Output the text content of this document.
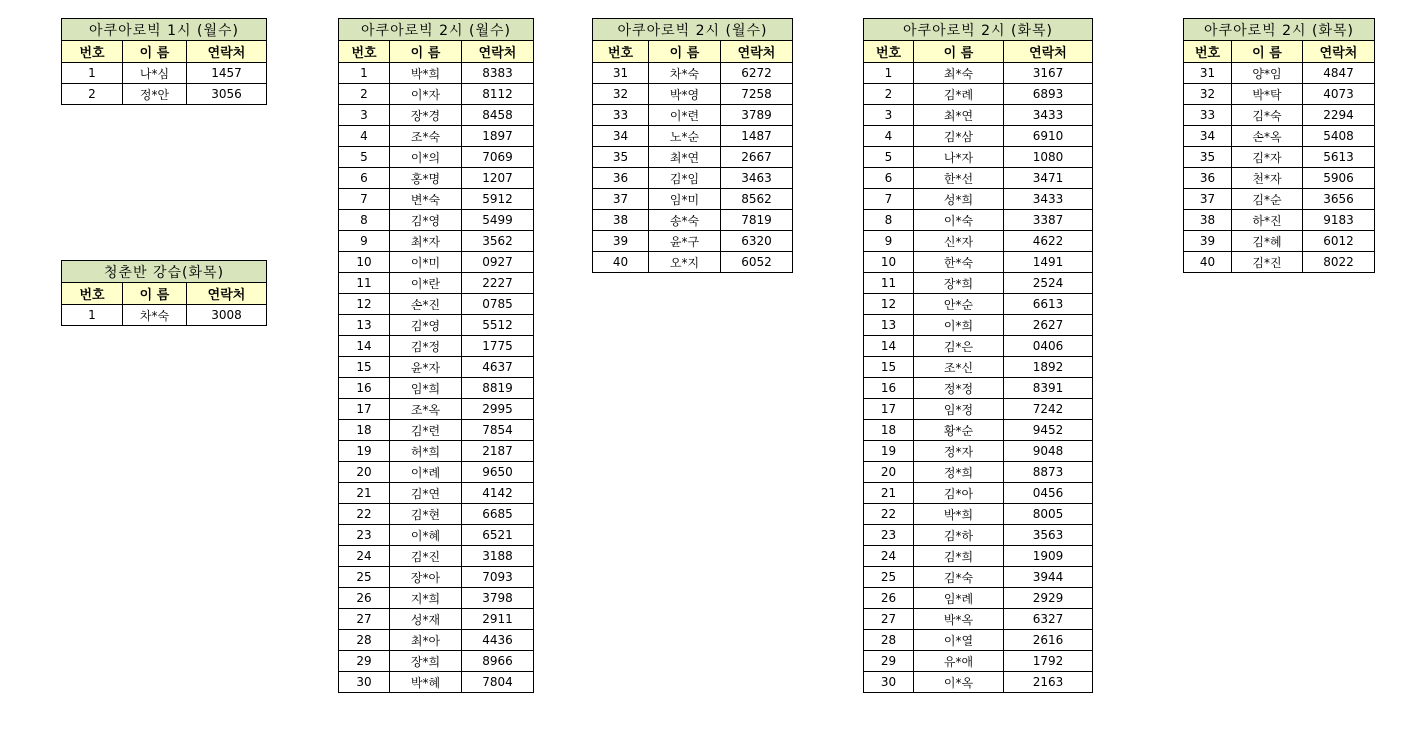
아쿠아로빅 1시 (월수)		
번호	이 름	연락처
1	나*심	1457
2	정*안	3056
청춘반 강습(화목)		
번호	이 름	연락처
1	차*숙	3008
아쿠아로빅 2시 (월수)		
번호	이 름	연락처
1	박*희	8383
2	이*자	8112
3	장*경	8458
4	조*숙	1897
5	이*의	7069
6	홍*명	1207
7	변*숙	5912
8	김*영	5499
9	최*자	3562
10	이*미	0927
11	이*란	2227
12	손*진	0785
13	김*영	5512
14	김*정	1775
15	윤*자	4637
16	임*희	8819
17	조*옥	2995
18	김*련	7854
19	허*희	2187
20	이*례	9650
21	김*연	4142
22	김*현	6685
23	이*혜	6521
24	김*진	3188
25	장*아	7093
26	지*희	3798
27	성*재	2911
28	최*아	4436
29	장*희	8966
30	박*혜	7804
아쿠아로빅 2시 (월수)		
번호	이 름	연락처
31	차*숙	6272
32	박*영	7258
33	이*련	3789
34	노*순	1487
35	최*연	2667
36	김*임	3463
37	임*미	8562
38	송*숙	7819
39	윤*구	6320
40	오*지	6052
아쿠아로빅 2시 (화목)		
번호	이 름	연락처
1	최*숙	3167
2	김*례	6893
3	최*연	3433
4	김*삼	6910
5	나*자	1080
6	한*선	3471
7	성*희	3433
8	이*숙	3387
9	신*자	4622
10	한*숙	1491
11	장*희	2524
12	안*순	6613
13	이*희	2627
14	김*은	0406
15	조*신	1892
16	정*정	8391
17	임*정	7242
18	황*순	9452
19	정*자	9048
20	정*희	8873
21	김*아	0456
22	박*희	8005
23	김*하	3563
24	김*희	1909
25	김*숙	3944
26	임*례	2929
27	박*옥	6327
28	이*열	2616
29	유*애	1792
30	이*옥	2163
아쿠아로빅 2시 (화목)		
번호	이 름	연락처
31	양*임	4847
32	박*탁	4073
33	김*숙	2294
34	손*옥	5408
35	김*자	5613
36	천*자	5906
37	김*순	3656
38	하*진	9183
39	김*혜	6012
40	김*진	8022
